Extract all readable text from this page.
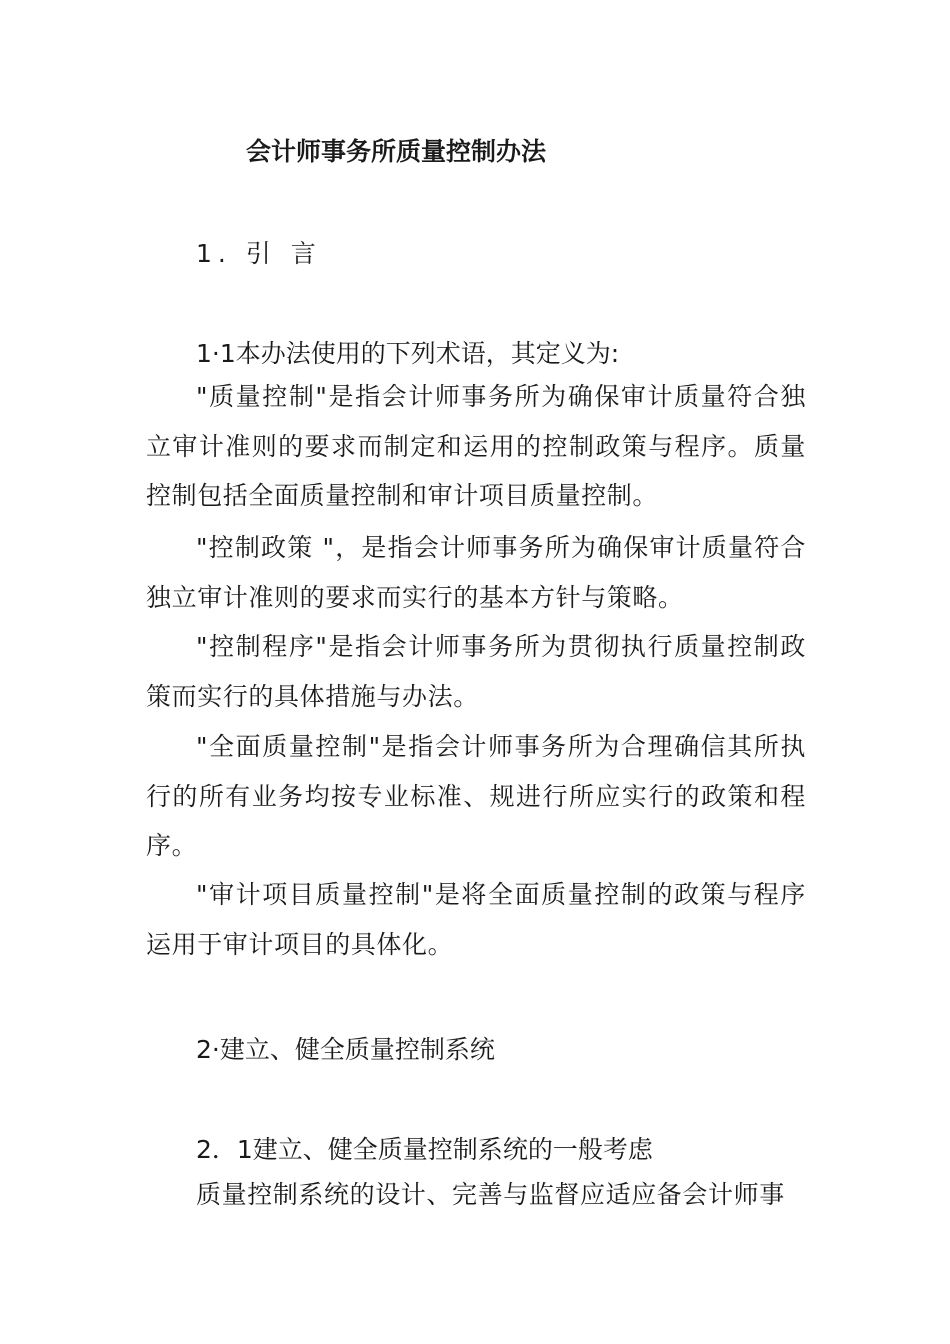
会计师事务所质量控制办法
1. 引 言
1·1本办法使用的下列术语，其定义为:

"质量控制"是指会计师事务所为确保审计质量符合独立审计准则的要求而制定和运用的控制政策与程序。质量控制包括全面质量控制和审计项目质量控制。

"控制政策 "，是指会计师事务所为确保审计质量符合独立审计准则的要求而实行的基本方针与策略。

"控制程序"是指会计师事务所为贯彻执行质量控制政策而实行的具体措施与办法。

"全面质量控制"是指会计师事务所为合理确信其所执行的所有业务均按专业标准、规进行所应实行的政策和程序。

"审计项目质量控制"是将全面质量控制的政策与程序运用于审计项目的具体化。

2·建立、健全质量控制系统
2．1建立、健全质量控制系统的一般考虑

质量控制系统的设计、完善与监督应适应备会计师事
